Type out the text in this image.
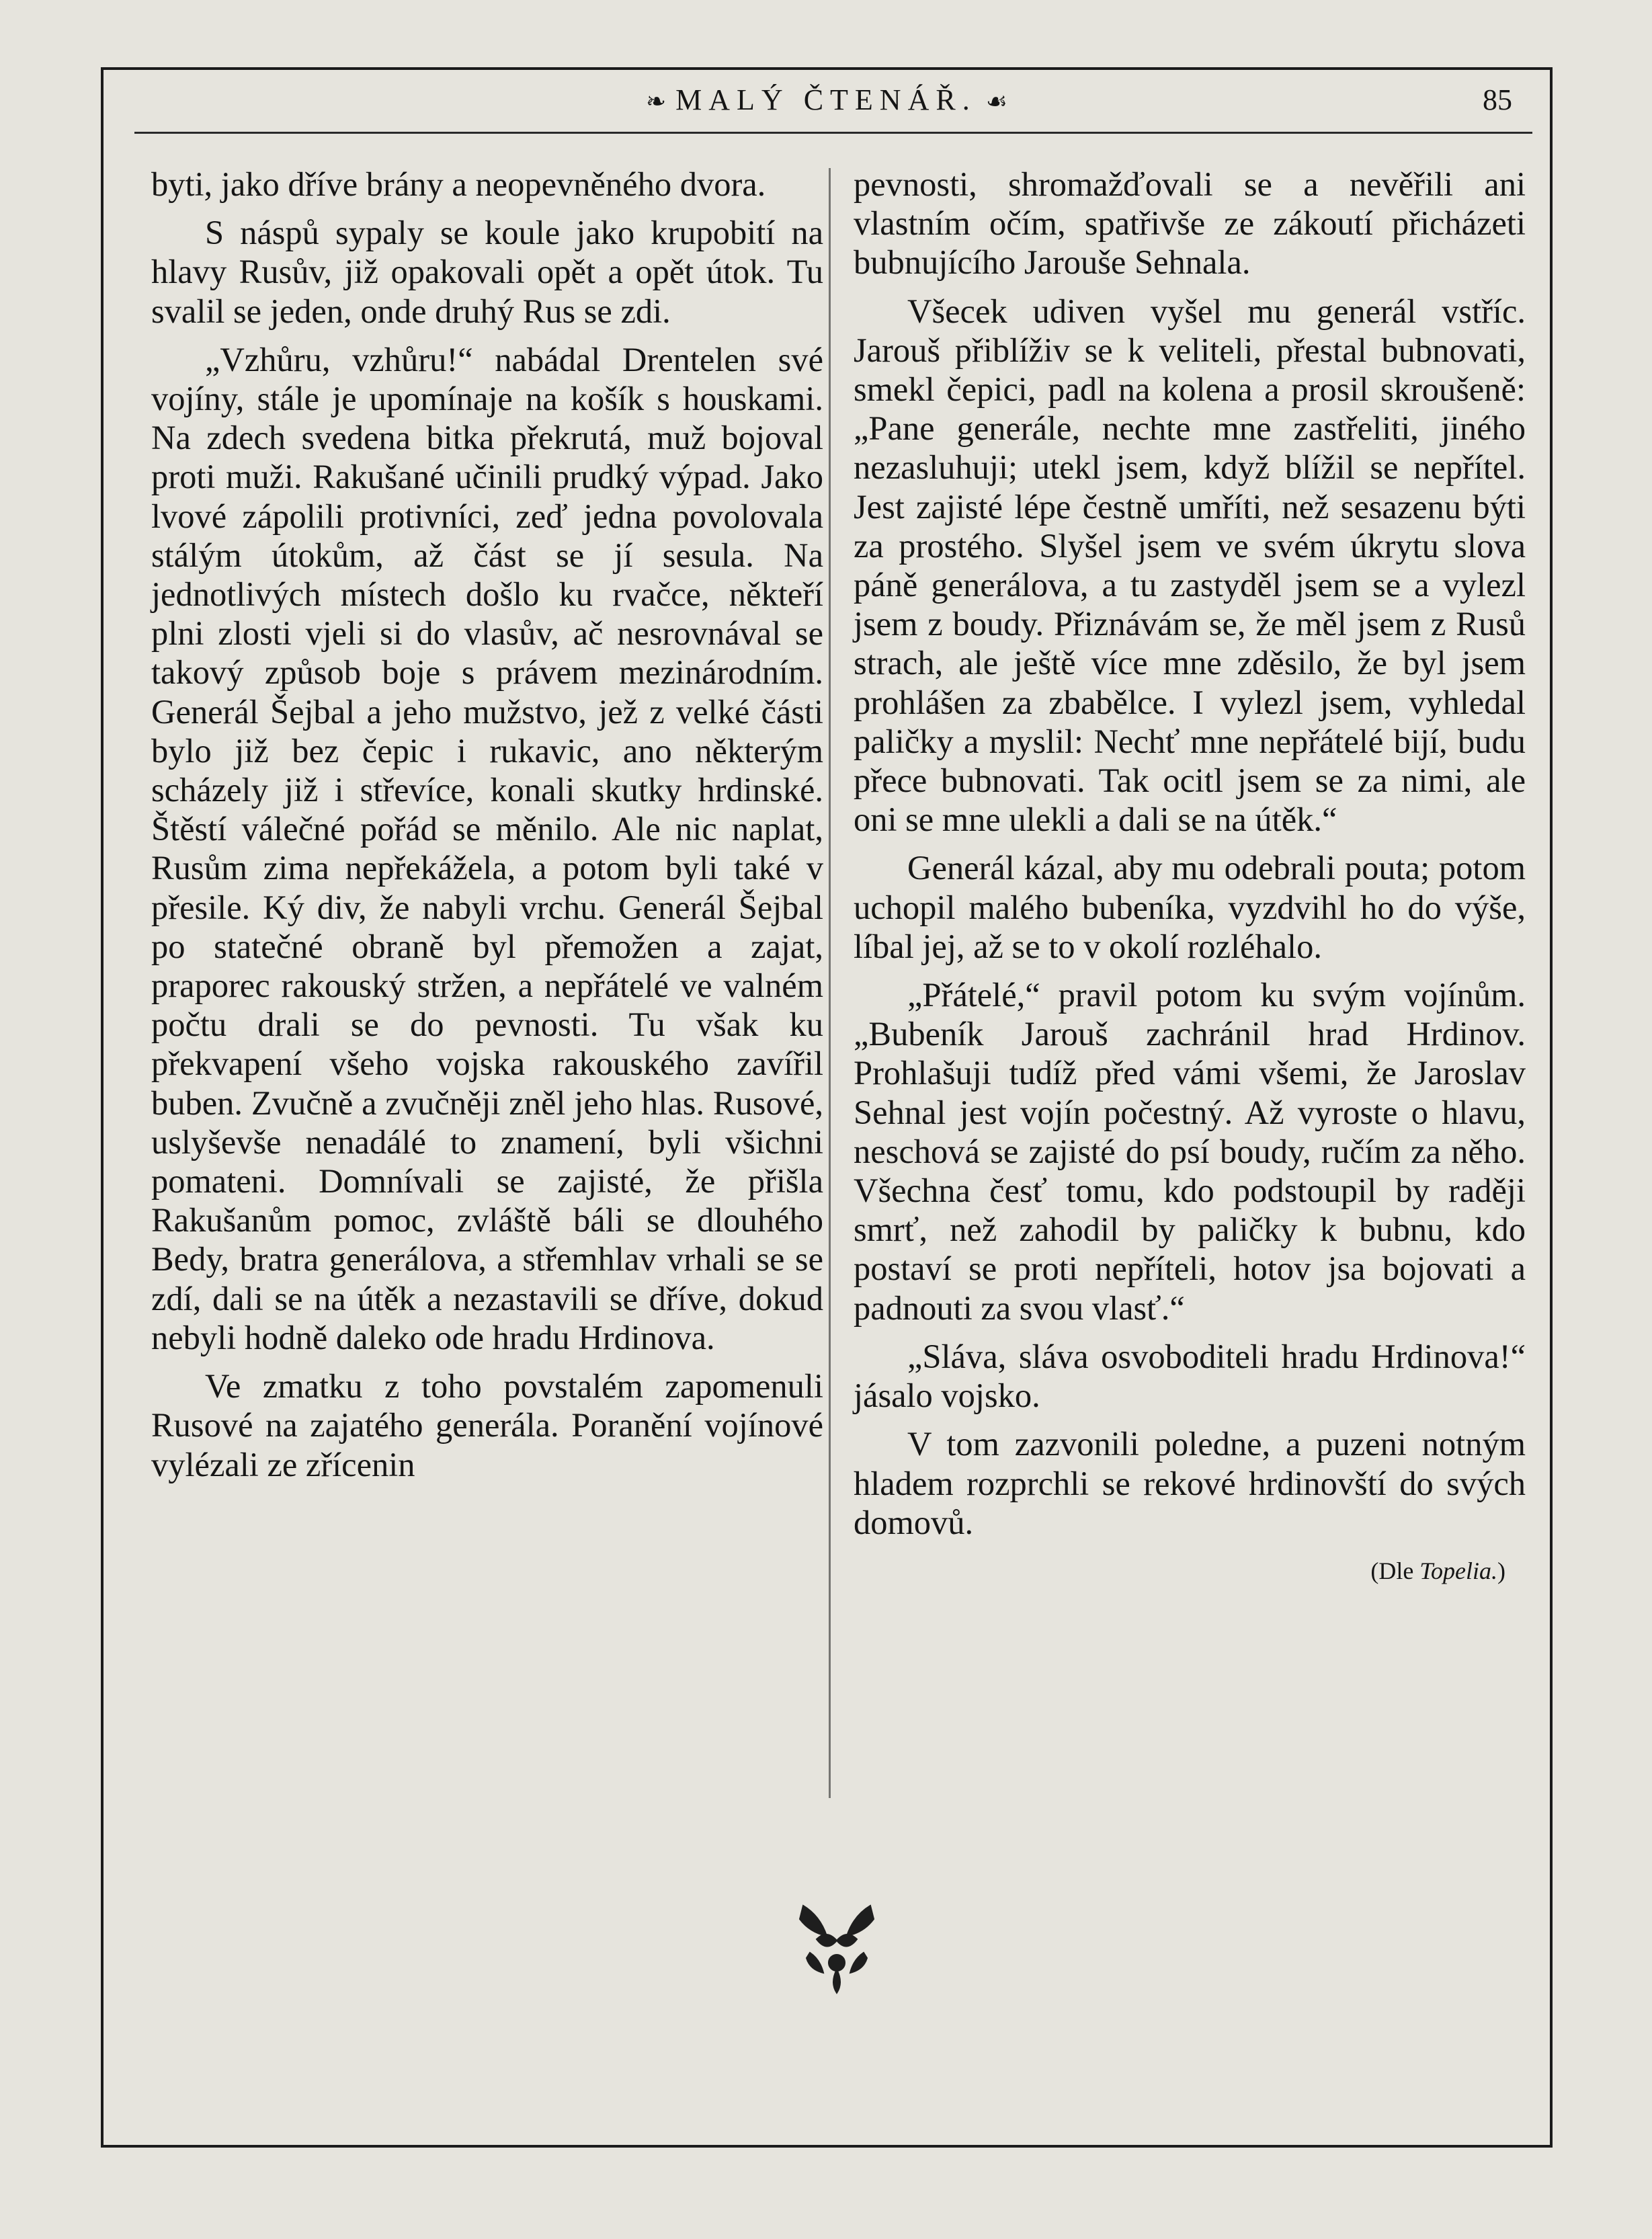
❧ MALÝ ČTENÁŘ. ☙	85

byti, jako dříve brány a neopevněného dvora.

S náspů sypaly se koule jako krupobití na hlavy Rusův, již opakovali opět a opět útok. Tu svalil se jeden, onde druhý Rus se zdi.

„Vzhůru, vzhůru!“ nabádal Drentelen své vojíny, stále je upomínaje na košík s houskami. Na zdech svedena bitka překrutá, muž bojoval proti muži. Rakušané učinili prudký výpad. Jako lvové zápolili protivníci, zeď jedna povolovala stálým útokům, až část se jí sesula. Na jednotlivých místech došlo ku rvačce, někteří plni zlosti vjeli si do vlasův, ač nesrovnával se takový způsob boje s právem mezinárodním. Generál Šejbal a jeho mužstvo, jež z velké části bylo již bez čepic i rukavic, ano některým scházely již i střevíce, konali skutky hrdinské. Štěstí válečné pořád se měnilo. Ale nic naplat, Rusům zima nepřekážela, a potom byli také v přesile. Ký div, že nabyli vrchu. Generál Šejbal po statečné obraně byl přemožen a zajat, praporec rakouský stržen, a nepřátelé ve valném počtu drali se do pevnosti. Tu však ku překvapení všeho vojska rakouského zavířil buben. Zvučně a zvučněji zněl jeho hlas. Rusové, uslyševše nenadálé to znamení, byli všichni pomateni. Domnívali se zajisté, že přišla Rakušanům pomoc, zvláště báli se dlouhého Bedy, bratra generálova, a střemhlav vrhali se se zdí, dali se na útěk a nezastavili se dříve, dokud nebyli hodně daleko ode hradu Hrdinova.

Ve zmatku z toho povstalém zapomenuli Rusové na zajatého generála. Poranění vojínové vylézali ze zřícenin

pevnosti, shromažďovali se a nevěřili ani vlastním očím, spatřivše ze zákoutí přicházeti bubnujícího Jarouše Sehnala.

Všecek udiven vyšel mu generál vstříc. Jarouš přiblíživ se k veliteli, přestal bubnovati, smekl čepici, padl na kolena a prosil skroušeně: „Pane generále, nechte mne zastřeliti, jiného nezasluhuji; utekl jsem, když blížil se nepřítel. Jest zajisté lépe čestně umříti, než sesazenu býti za prostého. Slyšel jsem ve svém úkrytu slova páně generálova, a tu zastyděl jsem se a vylezl jsem z boudy. Přiznávám se, že měl jsem z Rusů strach, ale ještě více mne zděsilo, že byl jsem prohlášen za zbabělce. I vylezl jsem, vyhledal paličky a myslil: Nechť mne nepřátelé bijí, budu přece bubnovati. Tak ocitl jsem se za nimi, ale oni se mne ulekli a dali se na útěk.“

Generál kázal, aby mu odebrali pouta; potom uchopil malého bubeníka, vyzdvihl ho do výše, líbal jej, až se to v okolí rozléhalo.

„Přátelé,“ pravil potom ku svým vojínům. „Bubeník Jarouš zachránil hrad Hrdinov. Prohlašuji tudíž před vámi všemi, že Jaroslav Sehnal jest vojín počestný. Až vyroste o hlavu, neschová se zajisté do psí boudy, ručím za něho. Všechna česť tomu, kdo podstoupil by raději smrť, než zahodil by paličky k bubnu, kdo postaví se proti nepříteli, hotov jsa bojovati a padnouti za svou vlasť.“

„Sláva, sláva osvoboditeli hradu Hrdinova!“ jásalo vojsko.

V tom zazvonili poledne, a puzeni notným hladem rozprchli se rekové hrdinovští do svých domovů.

(Dle Topelia.)
